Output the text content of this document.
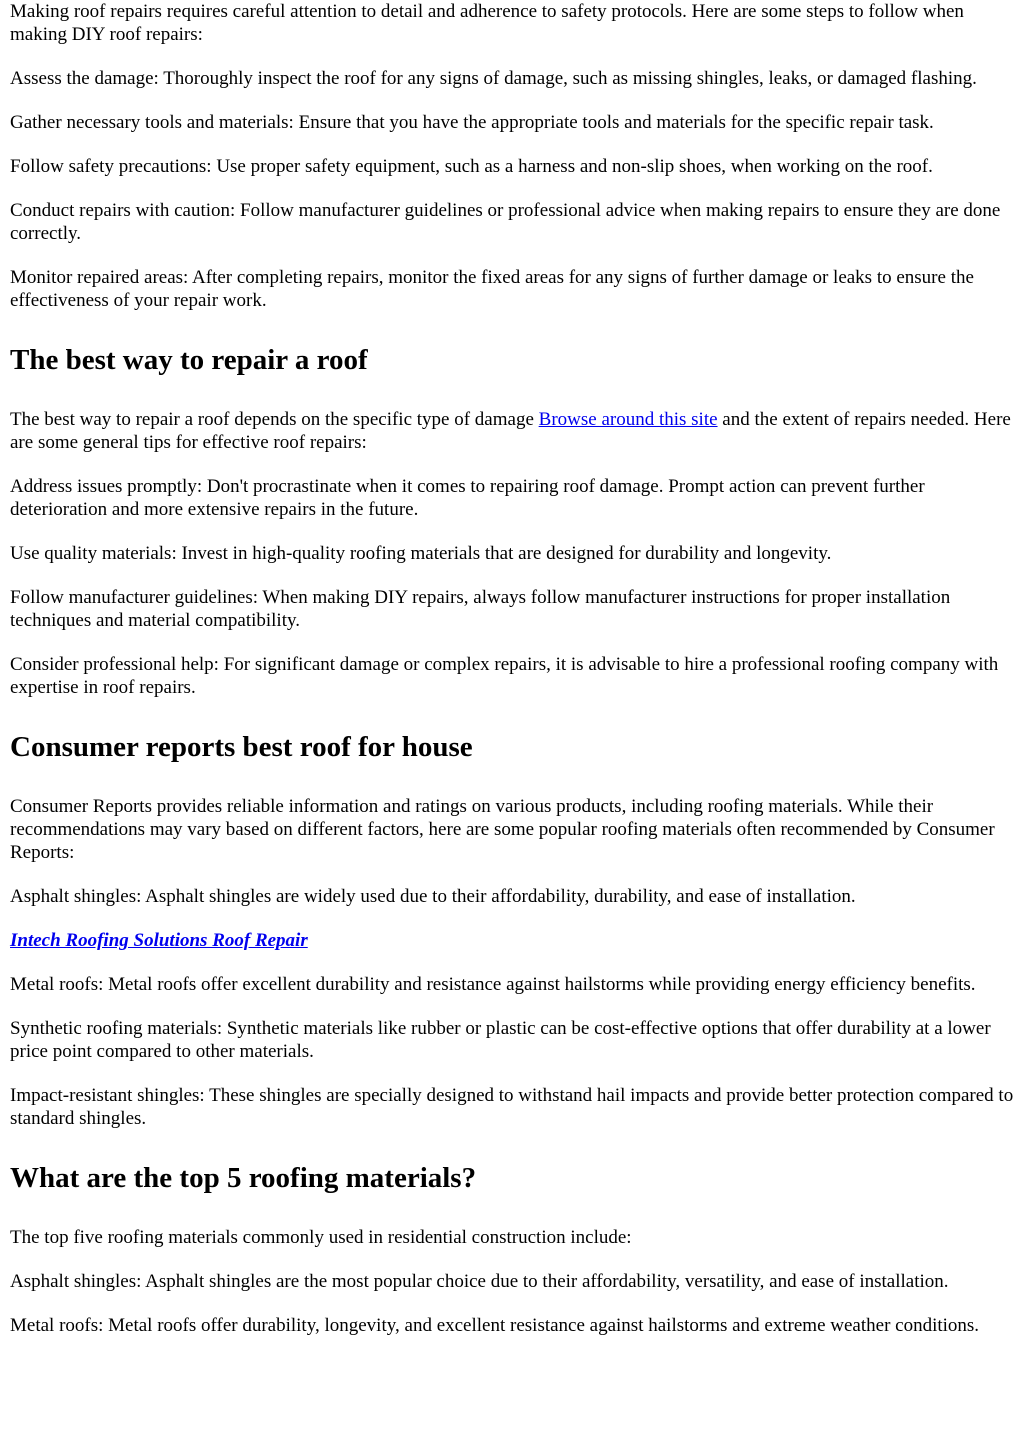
Making roof repairs requires careful attention to detail and adherence to safety protocols. Here are some steps to follow when making DIY roof repairs:

Assess the damage: Thoroughly inspect the roof for any signs of damage, such as missing shingles, leaks, or damaged flashing.

Gather necessary tools and materials: Ensure that you have the appropriate tools and materials for the specific repair task.

Follow safety precautions: Use proper safety equipment, such as a harness and non-slip shoes, when working on the roof.

Conduct repairs with caution: Follow manufacturer guidelines or professional advice when making repairs to ensure they are done correctly.

Monitor repaired areas: After completing repairs, monitor the fixed areas for any signs of further damage or leaks to ensure the effectiveness of your repair work.

The best way to repair a roof

The best way to repair a roof depends on the specific type of damage Browse around this site and the extent of repairs needed. Here are some general tips for effective roof repairs:

Address issues promptly: Don't procrastinate when it comes to repairing roof damage. Prompt action can prevent further deterioration and more extensive repairs in the future.

Use quality materials: Invest in high-quality roofing materials that are designed for durability and longevity.

Follow manufacturer guidelines: When making DIY repairs, always follow manufacturer instructions for proper installation techniques and material compatibility.

Consider professional help: For significant damage or complex repairs, it is advisable to hire a professional roofing company with expertise in roof repairs.

Consumer reports best roof for house

Consumer Reports provides reliable information and ratings on various products, including roofing materials. While their recommendations may vary based on different factors, here are some popular roofing materials often recommended by Consumer Reports:

Asphalt shingles: Asphalt shingles are widely used due to their affordability, durability, and ease of installation.

Intech Roofing Solutions Roof Repair

Metal roofs: Metal roofs offer excellent durability and resistance against hailstorms while providing energy efficiency benefits.

Synthetic roofing materials: Synthetic materials like rubber or plastic can be cost-effective options that offer durability at a lower price point compared to other materials.

Impact-resistant shingles: These shingles are specially designed to withstand hail impacts and provide better protection compared to standard shingles.

What are the top 5 roofing materials?

The top five roofing materials commonly used in residential construction include:

Asphalt shingles: Asphalt shingles are the most popular choice due to their affordability, versatility, and ease of installation.

Metal roofs: Metal roofs offer durability, longevity, and excellent resistance against hailstorms and extreme weather conditions.
